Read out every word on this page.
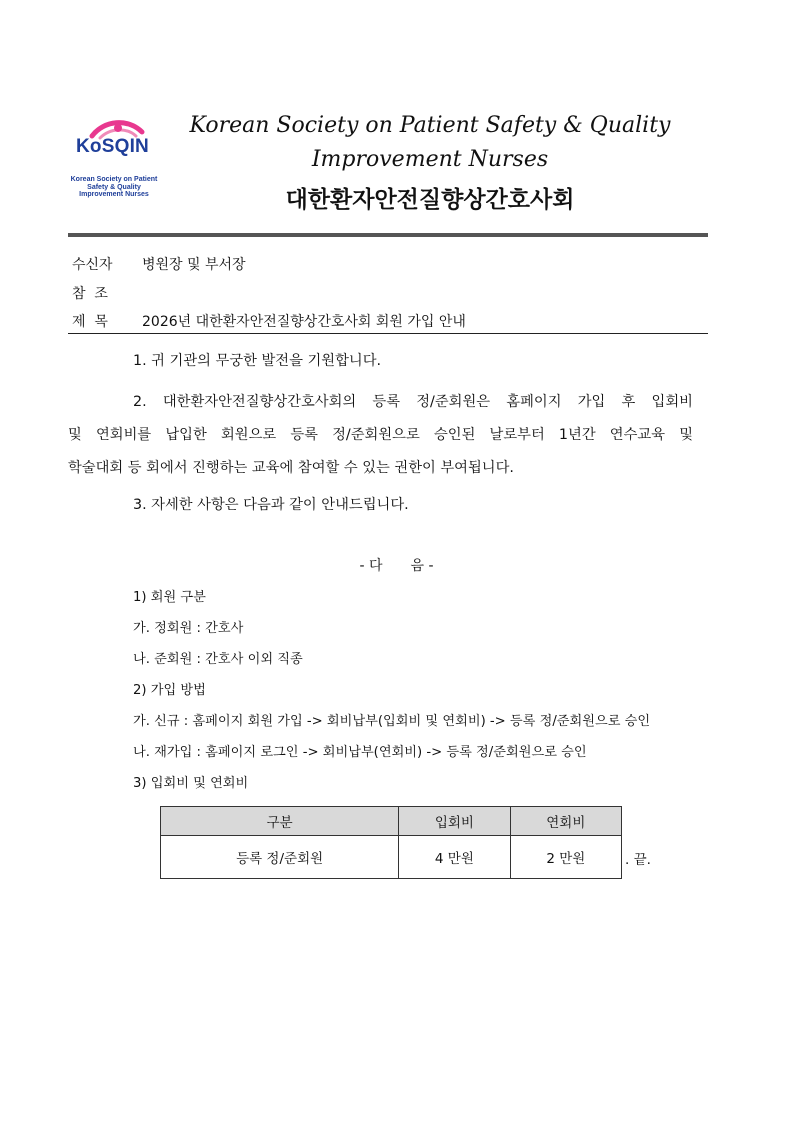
KoSQIN
Korean Society on Patient
Safety & Quality
Improvement Nurses
Korean Society on Patient Safety & Quality
Improvement Nurses
대한환자안전질향상간호사회
수신자 병원장 및 부서장
참  조
제  목 2026년 대한환자안전질향상간호사회 회원 가입 안내
1. 귀 기관의 무궁한 발전을 기원합니다.
2. 대한환자안전질향상간호사회의 등록 정/준회원은 홈페이지 가입 후 입회비
및 연회비를 납입한 회원으로 등록 정/준회원으로 승인된 날로부터 1년간 연수교육 및
학술대회 등 회에서 진행하는 교육에 참여할 수 있는 권한이 부여됩니다.
3. 자세한 사항은 다음과 같이 안내드립니다.
- 다 음 -
1) 회원 구분
가. 정회원 : 간호사
나. 준회원 : 간호사 이외 직종
2) 가입 방법
가. 신규 : 홈페이지 회원 가입 -> 회비납부(입회비 및 연회비) -> 등록 정/준회원으로 승인
나. 재가입 : 홈페이지 로그인 -> 회비납부(연회비) -> 등록 정/준회원으로 승인
3) 입회비 및 연회비
구분	입회비	연회비
등록 정/준회원	4 만원	2 만원	. 끝.
